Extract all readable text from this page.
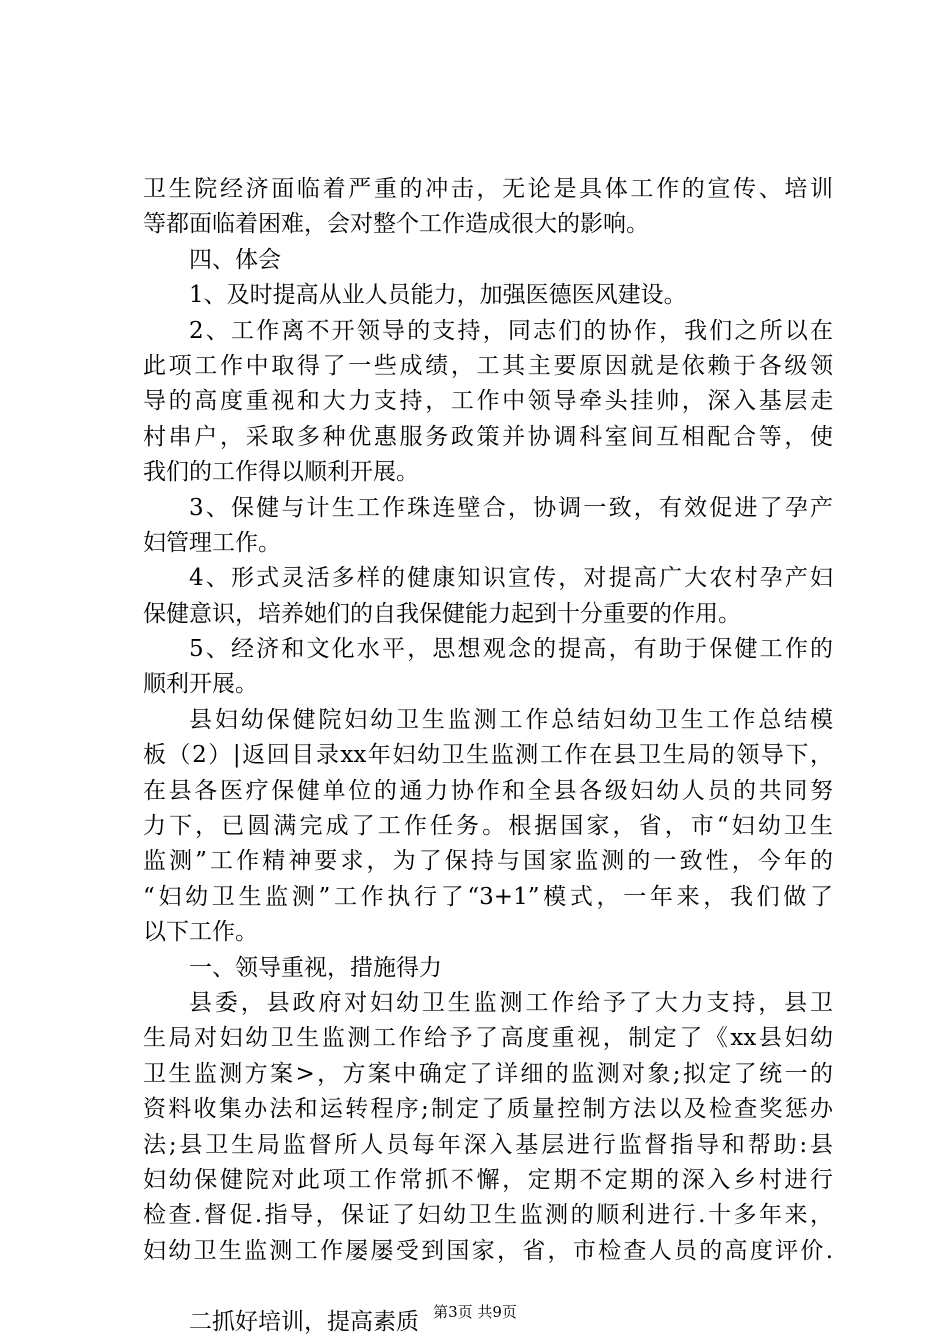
卫生院经济面临着严重的冲击，无论是具体工作的宣传、培训
等都面临着困难，会对整个工作造成很大的影响。
四、体会
1、及时提高从业人员能力，加强医德医风建设。
2、工作离不开领导的支持，同志们的协作，我们之所以在
此项工作中取得了一些成绩，工其主要原因就是依赖于各级领
导的高度重视和大力支持，工作中领导牵头挂帅，深入基层走
村串户，采取多种优惠服务政策并协调科室间互相配合等，使
我们的工作得以顺利开展。
3、保健与计生工作珠连壁合，协调一致，有效促进了孕产
妇管理工作。
4、形式灵活多样的健康知识宣传，对提高广大农村孕产妇
保健意识，培养她们的自我保健能力起到十分重要的作用。
5、经济和文化水平，思想观念的提高，有助于保健工作的
顺利开展。
县妇幼保健院妇幼卫生监测工作总结妇幼卫生工作总结模
板（2）|返回目录xx年妇幼卫生监测工作在县卫生局的领导下，
在县各医疗保健单位的通力协作和全县各级妇幼人员的共同努
力下，已圆满完成了工作任务。根据国家，省，市“妇幼卫生
监测”工作精神要求，为了保持与国家监测的一致性，今年的
“妇幼卫生监测”工作执行了“3+1”模式，一年来，我们做了
以下工作。
一、领导重视，措施得力
县委，县政府对妇幼卫生监测工作给予了大力支持，县卫
生局对妇幼卫生监测工作给予了高度重视，制定了《xx县妇幼
卫生监测方案>，方案中确定了详细的监测对象;拟定了统一的
资料收集办法和运转程序;制定了质量控制方法以及检查奖惩办
法;县卫生局监督所人员每年深入基层进行监督指导和帮助:县
妇幼保健院对此项工作常抓不懈，定期不定期的深入乡村进行
检查.督促.指导，保证了妇幼卫生监测的顺利进行.十多年来，
妇幼卫生监测工作屡屡受到国家，省，市检查人员的高度评价.
二抓好培训，提高素质 第3页 共9页
